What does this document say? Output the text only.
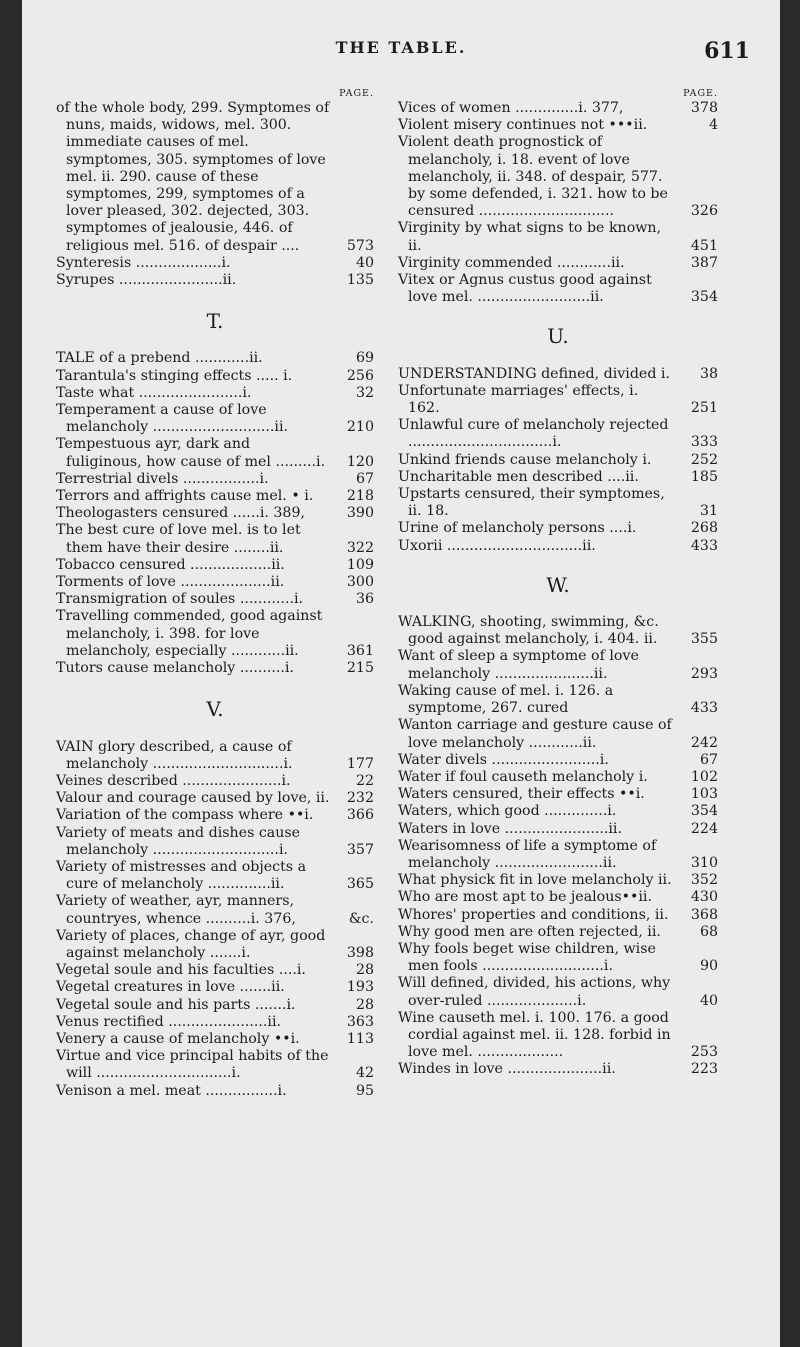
THE TABLE.	611
PAGE.
of the whole body, 299. Symptomes of nuns, maids, widows, mel. 300. immediate causes of mel. symptomes, 305. symptomes of love mel. ii. 290. cause of these symptomes, 299, symptomes of a lover pleased, 302. dejected, 303. symptomes of jealousie, 446. of religious mel. 516. of despair ....	573
Synteresis ...................i.	40
Syrupes .......................ii.	135
T.
TALE of a prebend ............ii.	69
Tarantula's stinging effects ..... i.	256
Taste what .......................i.	32
Temperament a cause of love melancholy ...........................ii.	210
Tempestuous ayr, dark and fuliginous, how cause of mel .........i.	120
Terrestrial divels .................i.	67
Terrors and affrights cause mel. • i.	218
Theologasters censured ......i. 389,	390
The best cure of love mel. is to let them have their desire ........ii.	322
Tobacco censured ..................ii.	109
Torments of love ....................ii.	300
Transmigration of soules ............i.	36
Travelling commended, good against melancholy, i. 398. for love melancholy, especially ............ii.	361
Tutors cause melancholy ..........i.	215
V.
VAIN glory described, a cause of melancholy .............................i.	177
Veines described ......................i.	22
Valour and courage caused by love, ii.	232
Variation of the compass where ••i.	366
Variety of meats and dishes cause melancholy ............................i.	357
Variety of mistresses and objects a cure of melancholy ..............ii.	365
Variety of weather, ayr, manners, countryes, whence ..........i. 376,	&c.
Variety of places, change of ayr, good against melancholy .......i.	398
Vegetal soule and his faculties ....i.	28
Vegetal creatures in love .......ii.	193
Vegetal soule and his parts .......i.	28
Venus rectified ......................ii.	363
Venery a cause of melancholy ••i.	113
Virtue and vice principal habits of the will ..............................i.	42
Venison a mel. meat ................i.	95
PAGE.
Vices of women ..............i. 377,	378
Violent misery continues not •••ii.	4
Violent death prognostick of melancholy, i. 18. event of love melancholy, ii. 348. of despair, 577. by some defended, i. 321. how to be censured ..............................	326
Virginity by what signs to be known, ii.	451
Virginity commended ............ii.	387
Vitex or Agnus custus good against love mel. .........................ii.	354
U.
UNDERSTANDING defined, divided i.	38
Unfortunate marriages' effects, i. 162.	251
Unlawful cure of melancholy rejected ................................i.	333
Unkind friends cause melancholy i.	252
Uncharitable men described ....ii.	185
Upstarts censured, their symptomes, ii. 18.	31
Urine of melancholy persons ....i.	268
Uxorii ..............................ii.	433
W.
WALKING, shooting, swimming, &c. good against melancholy, i. 404. ii.	355
Want of sleep a symptome of love melancholy ......................ii.	293
Waking cause of mel. i. 126. a symptome, 267. cured	433
Wanton carriage and gesture cause of love melancholy ............ii.	242
Water divels ........................i.	67
Water if foul causeth melancholy i.	102
Waters censured, their effects ••i.	103
Waters, which good ..............i.	354
Waters in love .......................ii.	224
Wearisomness of life a symptome of melancholy ........................ii.	310
What physick fit in love melancholy ii.	352
Who are most apt to be jealous••ii.	430
Whores' properties and conditions, ii.	368
Why good men are often rejected, ii.	68
Why fools beget wise children, wise men fools ...........................i.	90
Will defined, divided, his actions, why over-ruled ....................i.	40
Wine causeth mel. i. 100. 176. a good cordial against mel. ii. 128. forbid in love mel. ...................	253
Windes in love .....................ii.	223
